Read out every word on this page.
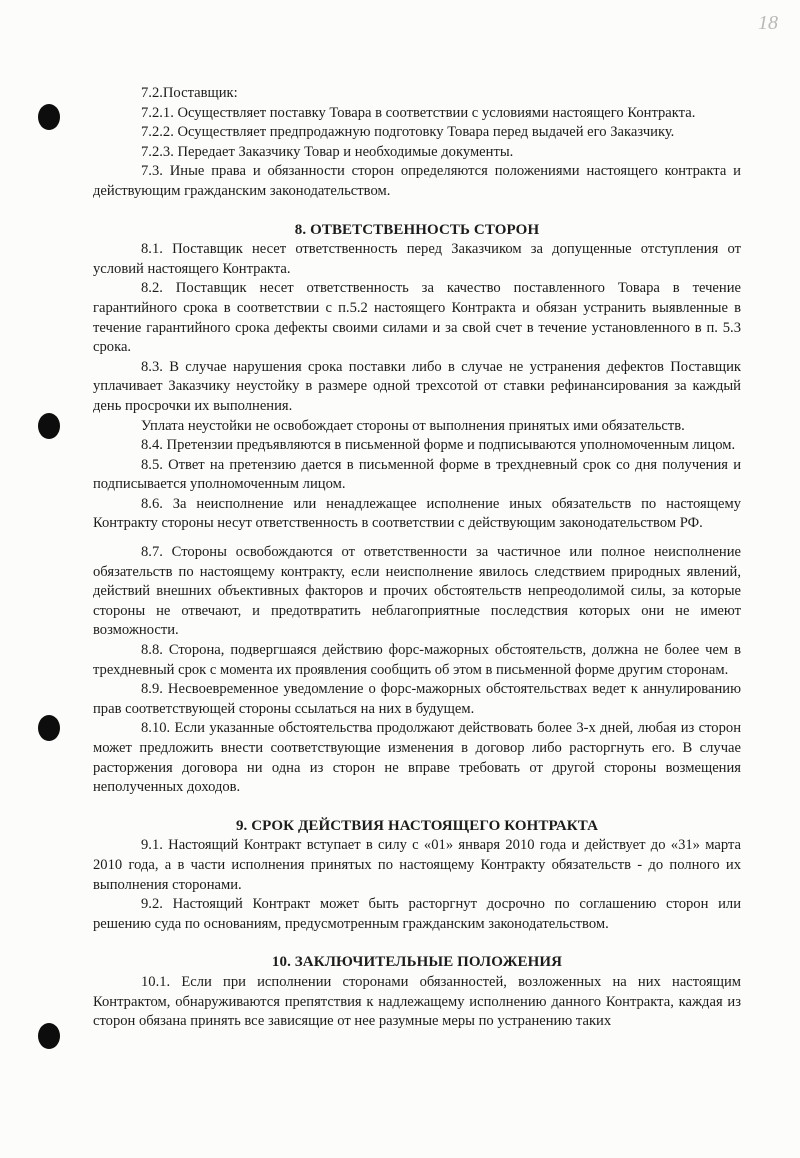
18

7.2.Поставщик:

7.2.1. Осуществляет поставку Товара в соответствии с условиями настоящего Контракта.

7.2.2. Осуществляет предпродажную подготовку Товара перед выдачей его Заказчику.

7.2.3. Передает Заказчику Товар и необходимые документы.

7.3. Иные права и обязанности сторон определяются положениями настоящего контракта и действующим гражданским законодательством.

8. ОТВЕТСТВЕННОСТЬ СТОРОН

8.1. Поставщик несет ответственность перед Заказчиком за допущенные отступления от условий настоящего Контракта.

8.2. Поставщик несет ответственность за качество поставленного Товара в течение гарантийного срока в соответствии с п.5.2 настоящего Контракта и обязан устранить выявленные в течение гарантийного срока дефекты своими силами и за свой счет в течение установленного в п. 5.3 срока.

8.3. В случае нарушения срока поставки либо в случае не устранения дефектов Поставщик уплачивает Заказчику неустойку в размере одной трехсотой от ставки рефинансирования за каждый день просрочки их выполнения.

Уплата неустойки не освобождает стороны от выполнения принятых ими обязательств.

8.4. Претензии предъявляются в письменной форме и подписываются уполномоченным лицом.

8.5. Ответ на претензию дается в письменной форме в трехдневный срок со дня получения и подписывается уполномоченным лицом.

8.6. За неисполнение или ненадлежащее исполнение иных обязательств по настоящему Контракту стороны несут ответственность в соответствии с действующим законодательством РФ.

8.7. Стороны освобождаются от ответственности за частичное или полное неисполнение обязательств по настоящему контракту, если неисполнение явилось следствием природных явлений, действий внешних объективных факторов и прочих обстоятельств непреодолимой силы, за которые стороны не отвечают, и предотвратить неблагоприятные последствия которых они не имеют возможности.

8.8. Сторона, подвергшаяся действию форс-мажорных обстоятельств, должна не более чем в трехдневный срок с момента их проявления сообщить об этом в письменной форме другим сторонам.

8.9. Несвоевременное уведомление о форс-мажорных обстоятельствах ведет к аннулированию прав соответствующей стороны ссылаться на них в будущем.

8.10. Если указанные обстоятельства продолжают действовать более 3-х дней, любая из сторон может предложить внести соответствующие изменения в договор либо расторгнуть его. В случае расторжения договора ни одна из сторон не вправе требовать от другой стороны возмещения неполученных доходов.

9. СРОК ДЕЙСТВИЯ НАСТОЯЩЕГО КОНТРАКТА

9.1. Настоящий Контракт вступает в силу с «01» января 2010 года и действует до «31» марта 2010 года, а в части исполнения принятых по настоящему Контракту обязательств - до полного их выполнения сторонами.

9.2. Настоящий Контракт может быть расторгнут досрочно по соглашению сторон или решению суда по основаниям, предусмотренным гражданским законодательством.

10. ЗАКЛЮЧИТЕЛЬНЫЕ ПОЛОЖЕНИЯ

10.1. Если при исполнении сторонами обязанностей, возложенных на них настоящим Контрактом, обнаруживаются препятствия к надлежащему исполнению данного Контракта, каждая из сторон обязана принять все зависящие от нее разумные меры по устранению таких
